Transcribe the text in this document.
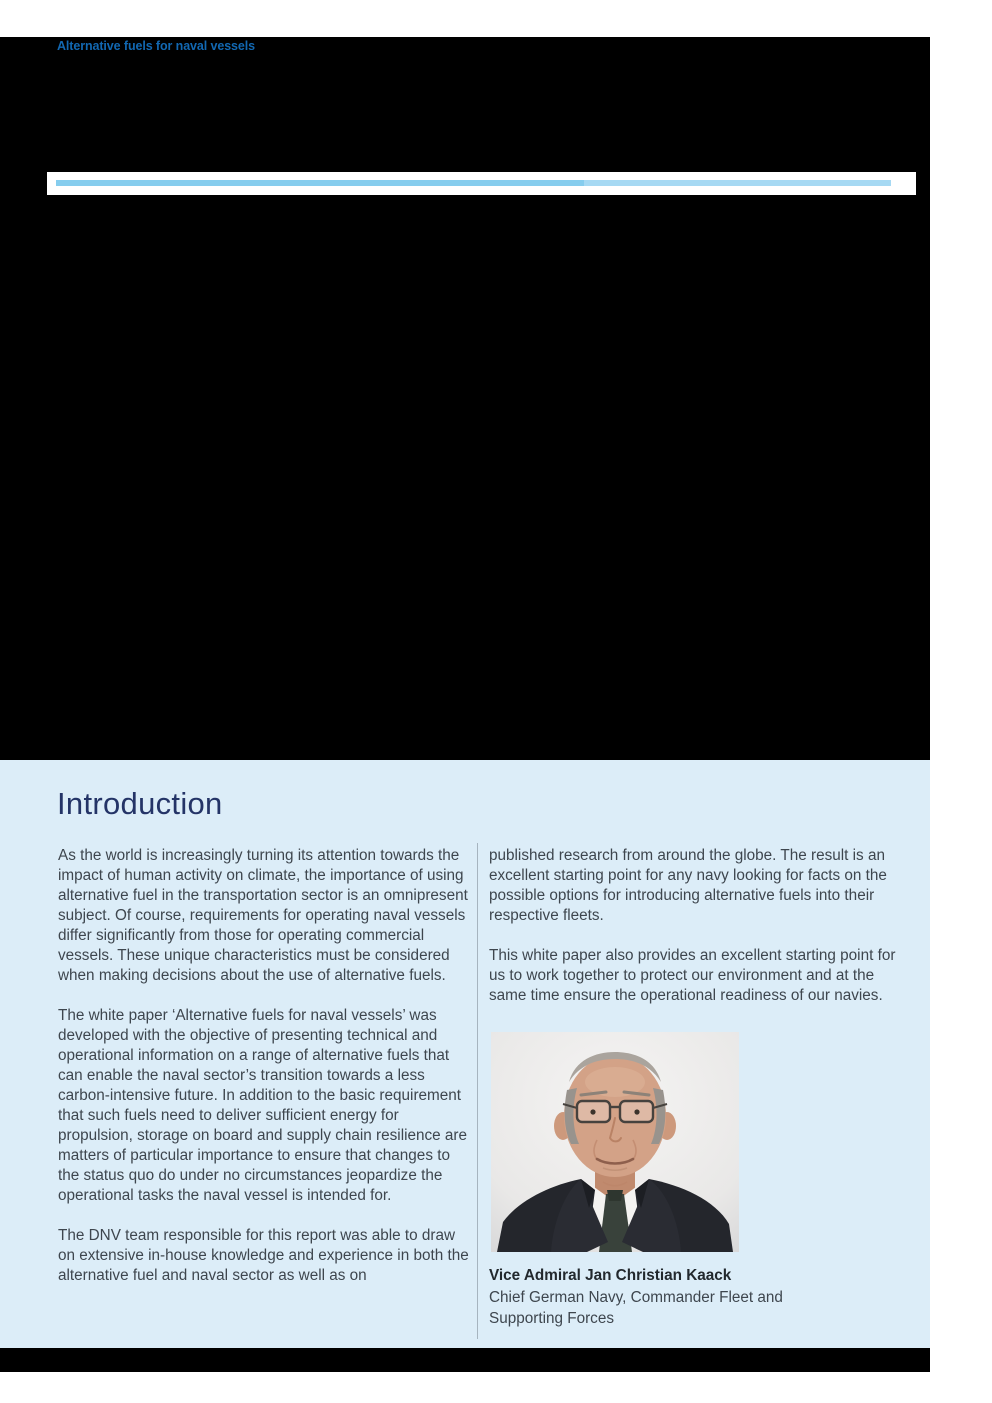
Alternative fuels for naval vessels
Introduction

As the world is increasingly turning its attention towards the impact of human activity on climate, the importance of using alternative fuel in the transportation sector is an omnipresent subject. Of course, requirements for operating naval vessels differ significantly from those for operating commercial vessels. These unique characteristics must be considered when making decisions about the use of alternative fuels.

The white paper ‘Alternative fuels for naval vessels’ was developed with the objective of presenting technical and operational information on a range of alternative fuels that can enable the naval sector’s transition towards a less carbon-intensive future. In addition to the basic requirement that such fuels need to deliver sufficient energy for propulsion, storage on board and supply chain resilience are matters of particular importance to ensure that changes to the status quo do under no circumstances jeopardize the operational tasks the naval vessel is intended for.

The DNV team responsible for this report was able to draw on extensive in-house knowledge and experience in both the alternative fuel and naval sector as well as on

published research from around the globe. The result is an excellent starting point for any navy looking for facts on the possible options for introducing alternative fuels into their respective fleets.

This white paper also provides an excellent starting point for us to work together to protect our environment and at the same time ensure the operational readiness of our navies.

Vice Admiral Jan Christian Kaack
Chief German Navy, Commander Fleet and Supporting Forces
